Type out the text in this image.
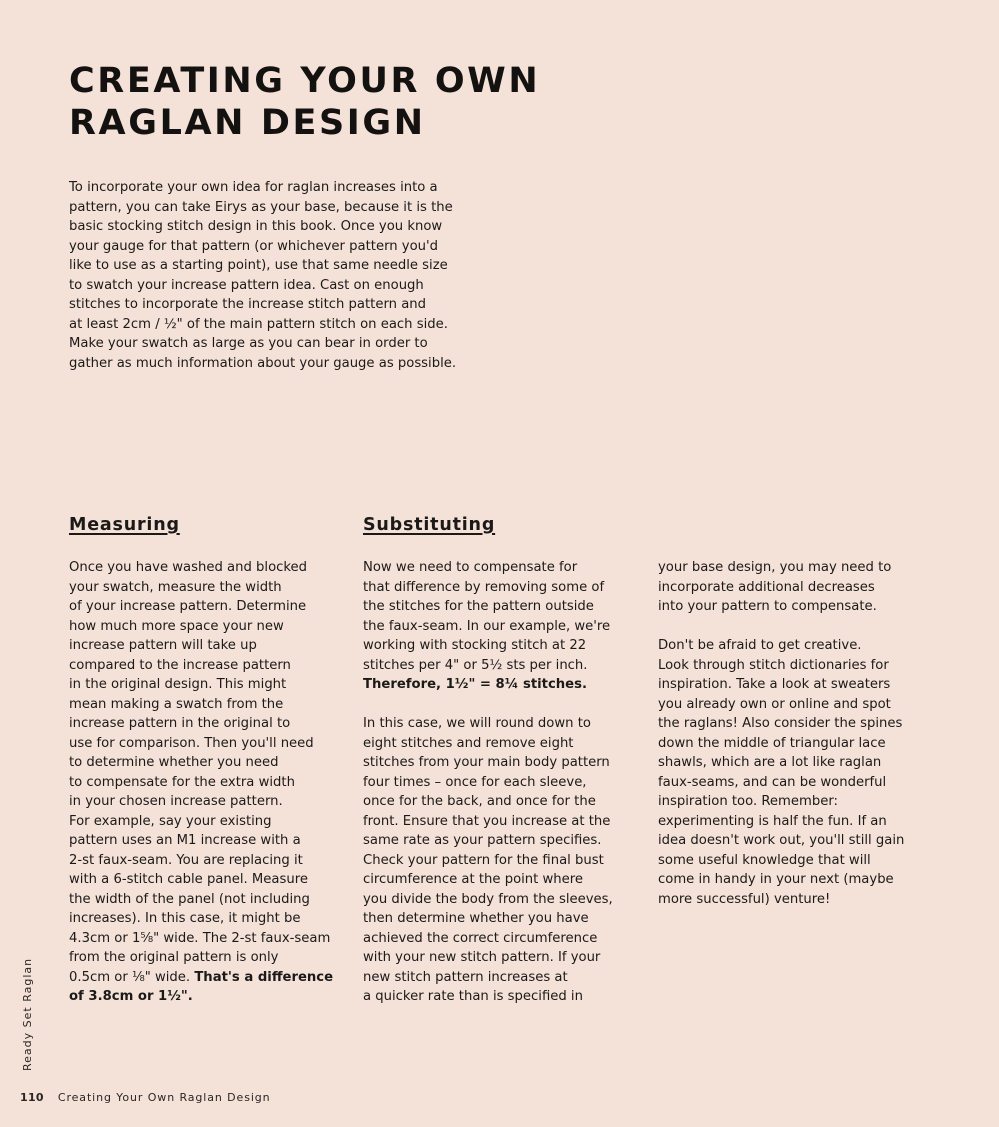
CREATING YOUR OWN
RAGLAN DESIGN

To incorporate your own idea for raglan increases into a
pattern, you can take Eirys as your base, because it is the
basic stocking stitch design in this book. Once you know
your gauge for that pattern (or whichever pattern you'd
like to use as a starting point), use that same needle size
to swatch your increase pattern idea. Cast on enough
stitches to incorporate the increase stitch pattern and
at least 2cm / ½" of the main pattern stitch on each side.
Make your swatch as large as you can bear in order to
gather as much information about your gauge as possible.

Measuring	Substituting

Once you have washed and blocked
your swatch, measure the width
of your increase pattern. Determine
how much more space your new
increase pattern will take up
compared to the increase pattern
in the original design. This might
mean making a swatch from the
increase pattern in the original to
use for comparison. Then you'll need
to determine whether you need
to compensate for the extra width
in your chosen increase pattern.
For example, say your existing
pattern uses an M1 increase with a
2-st faux-seam. You are replacing it
with a 6-stitch cable panel. Measure
the width of the panel (not including
increases). In this case, it might be
4.3cm or 1⅝" wide. The 2-st faux-seam
from the original pattern is only
0.5cm or ⅛" wide. That's a difference
of 3.8cm or 1½".

Now we need to compensate for
that difference by removing some of
the stitches for the pattern outside
the faux-seam. In our example, we're
working with stocking stitch at 22
stitches per 4" or 5½ sts per inch.
Therefore, 1½" = 8¼ stitches.

In this case, we will round down to
eight stitches and remove eight
stitches from your main body pattern
four times – once for each sleeve,
once for the back, and once for the
front. Ensure that you increase at the
same rate as your pattern specifies.
Check your pattern for the final bust
circumference at the point where
you divide the body from the sleeves,
then determine whether you have
achieved the correct circumference
with your new stitch pattern. If your
new stitch pattern increases at
a quicker rate than is specified in

your base design, you may need to
incorporate additional decreases
into your pattern to compensate.

Don't be afraid to get creative.
Look through stitch dictionaries for
inspiration. Take a look at sweaters
you already own or online and spot
the raglans! Also consider the spines
down the middle of triangular lace
shawls, which are a lot like raglan
faux-seams, and can be wonderful
inspiration too. Remember:
experimenting is half the fun. If an
idea doesn't work out, you'll still gain
some useful knowledge that will
come in handy in your next (maybe
more successful) venture!

Ready Set Raglan
110 Creating Your Own Raglan Design
